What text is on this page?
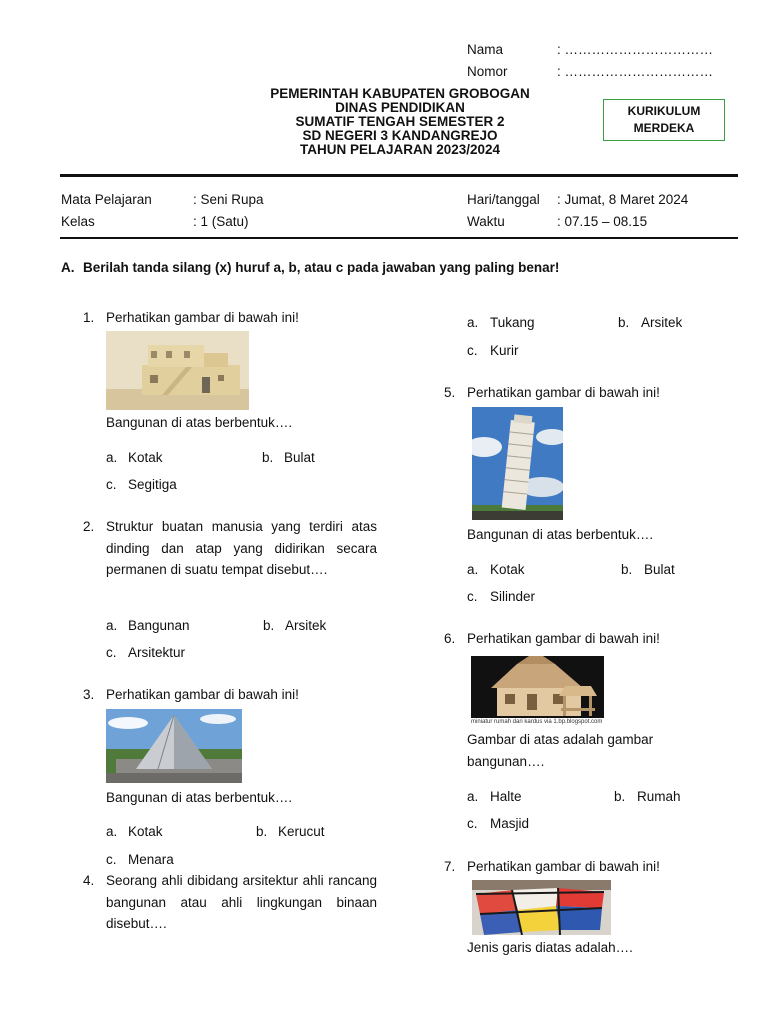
Nama	: ……………………………
Nomor	: ……………………………
PEMERINTAH KABUPATEN GROBOGAN
DINAS PENDIDIKAN
SUMATIF TENGAH SEMESTER 2
SD NEGERI 3 KANDANGREJO
TAHUN PELAJARAN 2023/2024
KURIKULUM
MERDEKA
Mata Pelajaran	: Seni Rupa
Kelas	: 1 (Satu)
Hari/tanggal : Jumat, 8 Maret 2024
Waktu	: 07.15 – 08.15
A. Berilah tanda silang (x) huruf a, b, atau c pada jawaban yang paling benar!
1. Perhatikan gambar di bawah ini!
Bangunan di atas berbentuk….
a. Kotak	b. Bulat
c. Segitiga
2. Struktur buatan manusia yang terdiri atas dinding dan atap yang didirikan secara permanen di suatu tempat disebut….
a. Bangunan	b. Arsitek
c. Arsitektur
3. Perhatikan gambar di bawah ini!
Bangunan di atas berbentuk….
a. Kotak	b. Kerucut
c. Menara
4. Seorang ahli dibidang arsitektur ahli rancang bangunan atau ahli lingkungan binaan disebut….
a. Tukang	b. Arsitek
c. Kurir
5. Perhatikan gambar di bawah ini!
Bangunan di atas berbentuk….
a. Kotak	b. Bulat
c. Silinder
6. Perhatikan gambar di bawah ini!
miniatur rumah dari kardus via 1.bp.blogspot.com
Gambar di atas adalah gambar
bangunan….
a. Halte	b. Rumah
c. Masjid
7. Perhatikan gambar di bawah ini!
Jenis garis diatas adalah….
